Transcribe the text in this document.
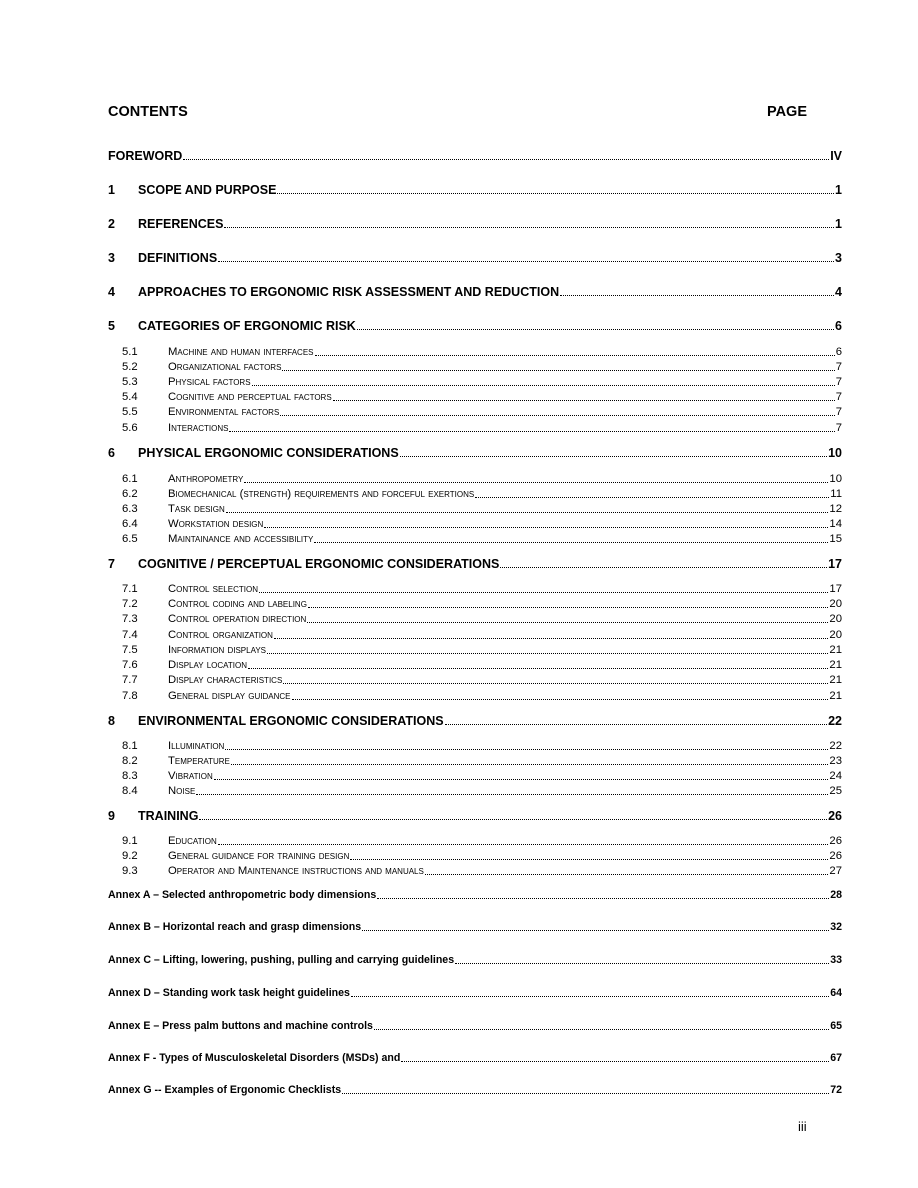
CONTENTS	PAGE
FOREWORD	IV
1	SCOPE AND PURPOSE	1
2	REFERENCES	1
3	DEFINITIONS	3
4	APPROACHES TO ERGONOMIC RISK ASSESSMENT AND REDUCTION	4
5	CATEGORIES OF ERGONOMIC RISK	6
5.1	Machine and human interfaces	6
5.2	Organizational factors	7
5.3	Physical factors	7
5.4	Cognitive and perceptual factors	7
5.5	Environmental factors	7
5.6	Interactions	7
6	PHYSICAL ERGONOMIC CONSIDERATIONS	10
6.1	Anthropometry	10
6.2	Biomechanical (strength) requirements and forceful exertions	11
6.3	Task design	12
6.4	Workstation design	14
6.5	Maintainance and accessibility	15
7	COGNITIVE / PERCEPTUAL ERGONOMIC CONSIDERATIONS	17
7.1	Control selection	17
7.2	Control coding and labeling	20
7.3	Control operation direction	20
7.4	Control organization	20
7.5	Information displays	21
7.6	Display location	21
7.7	Display characteristics	21
7.8	General display guidance	21
8	ENVIRONMENTAL ERGONOMIC CONSIDERATIONS	22
8.1	Illumination	22
8.2	Temperature	23
8.3	Vibration	24
8.4	Noise	25
9	TRAINING	26
9.1	Education	26
9.2	General guidance for training design	26
9.3	Operator and Maintenance instructions and manuals	27
Annex A – Selected anthropometric body dimensions	28
Annex B – Horizontal reach and grasp dimensions	32
Annex C – Lifting, lowering, pushing, pulling and carrying guidelines	33
Annex D – Standing work task height guidelines	64
Annex E – Press palm buttons and machine controls	65
Annex F - Types of Musculoskeletal Disorders (MSDs) and	67
Annex G -- Examples of Ergonomic Checklists	72
iii
